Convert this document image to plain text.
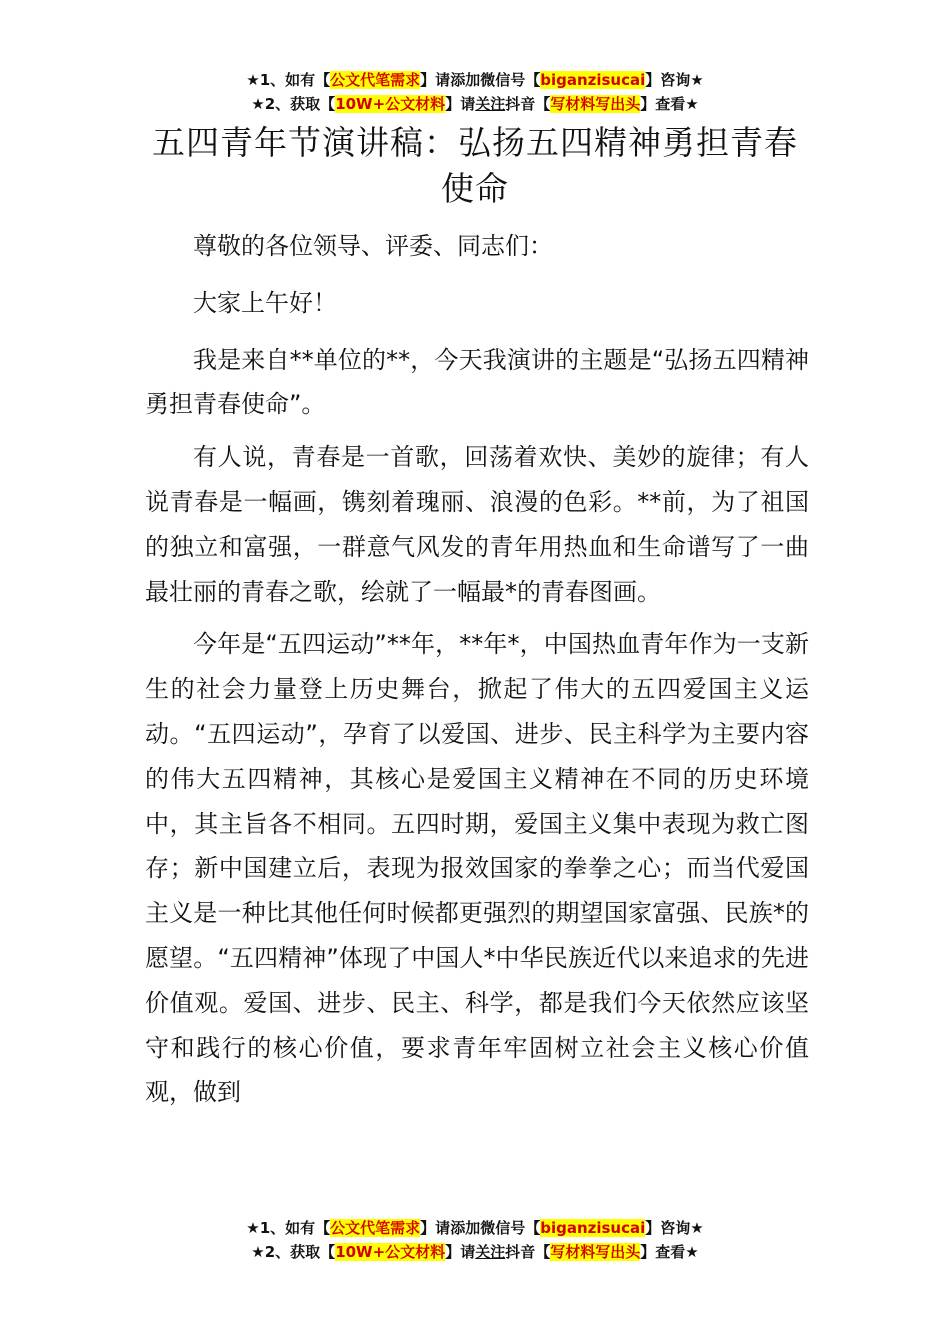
★1、如有【公文代笔需求】请添加微信号【biganzisucai】咨询★
★2、获取【10W+公文材料】请关注抖音【写材料写出头】查看★
五四青年节演讲稿：弘扬五四精神勇担青春使命

尊敬的各位领导、评委、同志们：

大家上午好！

我是来自**单位的**，今天我演讲的主题是“弘扬五四精神勇担青春使命”。

有人说，青春是一首歌，回荡着欢快、美妙的旋律；有人说青春是一幅画，镌刻着瑰丽、浪漫的色彩。**前，为了祖国的独立和富强，一群意气风发的青年用热血和生命谱写了一曲最壮丽的青春之歌，绘就了一幅最*的青春图画。

今年是“五四运动”**年，**年*，中国热血青年作为一支新生的社会力量登上历史舞台，掀起了伟大的五四爱国主义运动。“五四运动”，孕育了以爱国、进步、民主科学为主要内容的伟大五四精神，其核心是爱国主义精神在不同的历史环境中，其主旨各不相同。五四时期，爱国主义集中表现为救亡图存；新中国建立后，表现为报效国家的拳拳之心；而当代爱国主义是一种比其他任何时候都更强烈的期望国家富强、民族*的愿望。“五四精神”体现了中国人*中华民族近代以来追求的先进价值观。爱国、进步、民主、科学，都是我们今天依然应该坚守和践行的核心价值，要求青年牢固树立社会主义核心价值观，做到

★1、如有【公文代笔需求】请添加微信号【biganzisucai】咨询★
★2、获取【10W+公文材料】请关注抖音【写材料写出头】查看★
